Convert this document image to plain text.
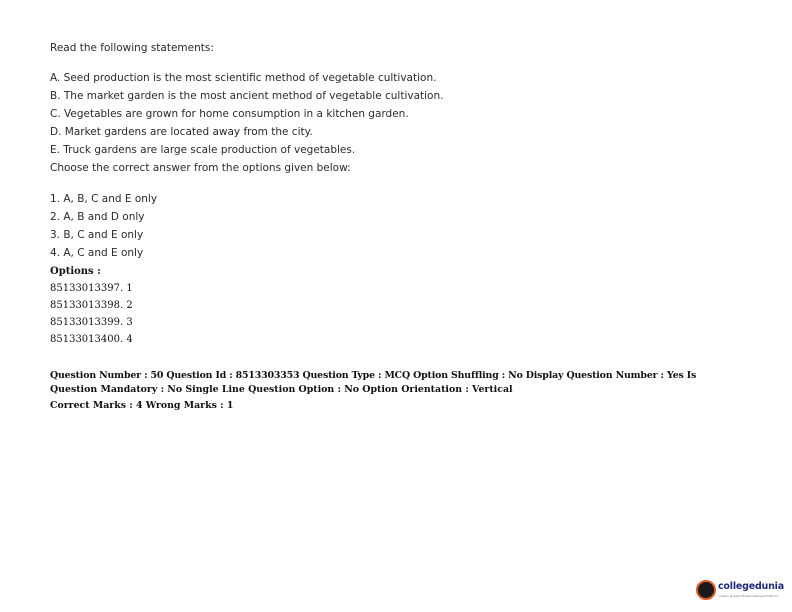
Read the following statements:
A. Seed production is the most scientific method of vegetable cultivation.
B. The market garden is the most ancient method of vegetable cultivation.
C. Vegetables are grown for home consumption in a kitchen garden.
D. Market gardens are located away from the city.
E. Truck gardens are large scale production of vegetables.
Choose the correct answer from the options given below:
1. A, B, C and E only
2. A, B and D only
3. B, C and E only
4. A, C and E only
Options :
85133013397. 1
85133013398. 2
85133013399. 3
85133013400. 4
Question Number : 50 Question Id : 8513303353 Question Type : MCQ Option Shuffling : No Display Question Number : Yes Is
Question Mandatory : No Single Line Question Option : No Option Orientation : Vertical
Correct Marks : 4 Wrong Marks : 1
collegedunia
India's largest Student Review Platform
